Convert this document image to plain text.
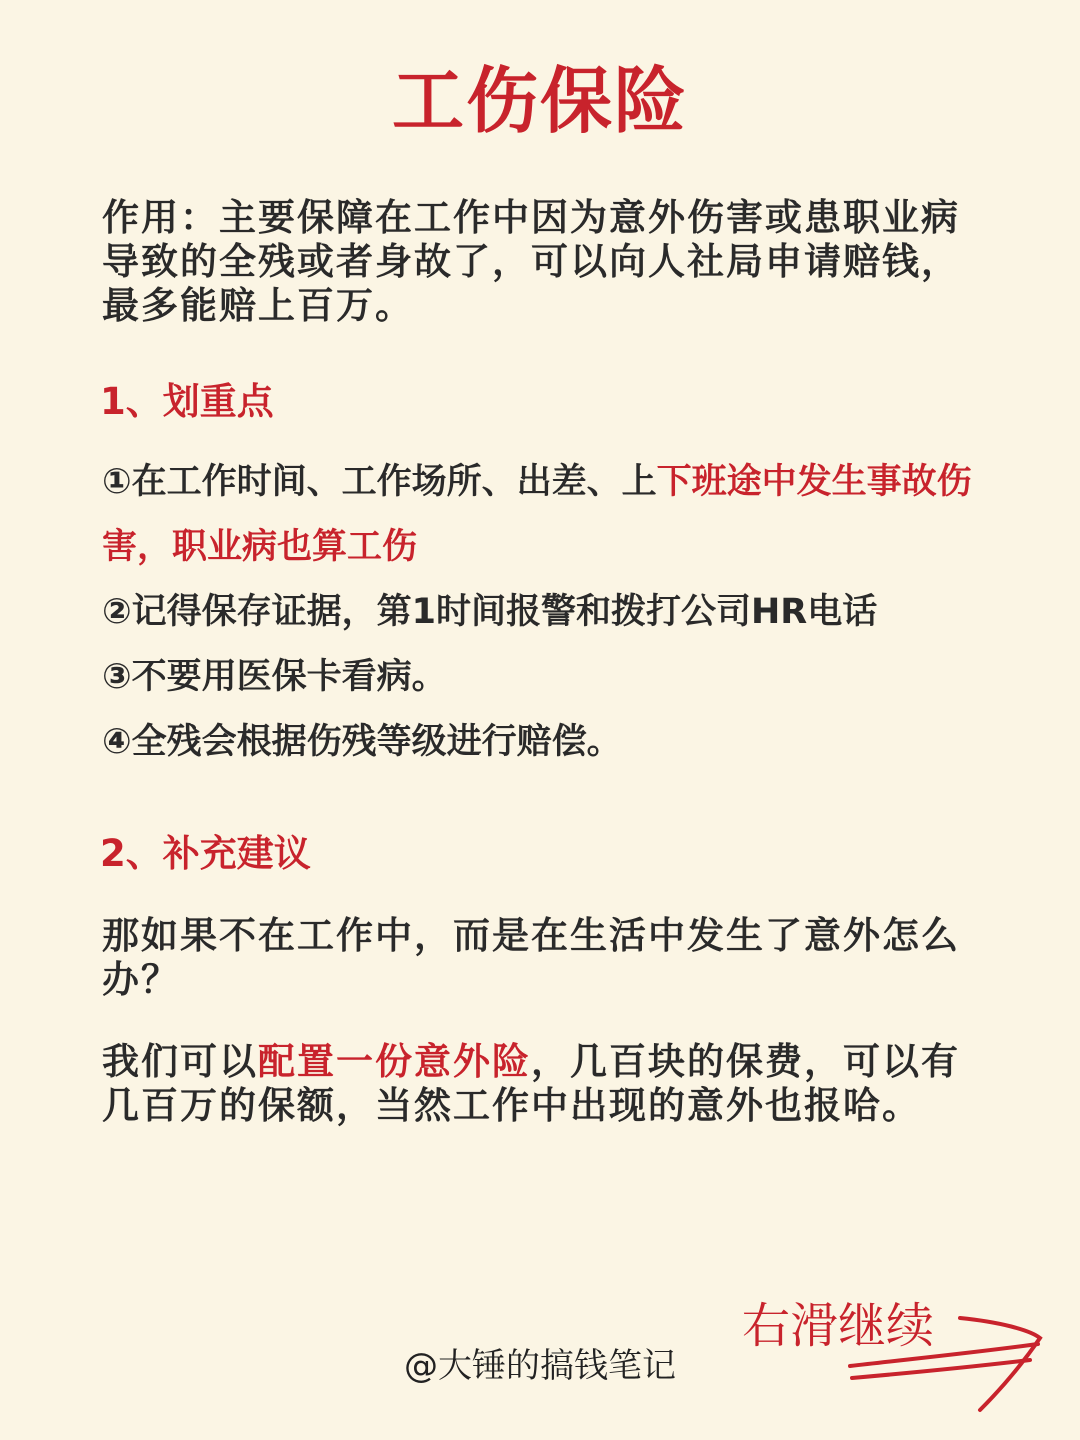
工伤保险
作用：主要保障在工作中因为意外伤害或患职业病导致的全残或者身故了，可以向人社局申请赔钱，最多能赔上百万。
1、划重点
①在工作时间、工作场所、出差、上下班途中发生事故伤害，职业病也算工伤
②记得保存证据，第1时间报警和拨打公司HR电话
③不要用医保卡看病。
④全残会根据伤残等级进行赔偿。
2、补充建议
那如果不在工作中，而是在生活中发生了意外怎么办？
我们可以配置一份意外险，几百块的保费，可以有几百万的保额，当然工作中出现的意外也报哈。
@大锤的搞钱笔记
右滑继续
